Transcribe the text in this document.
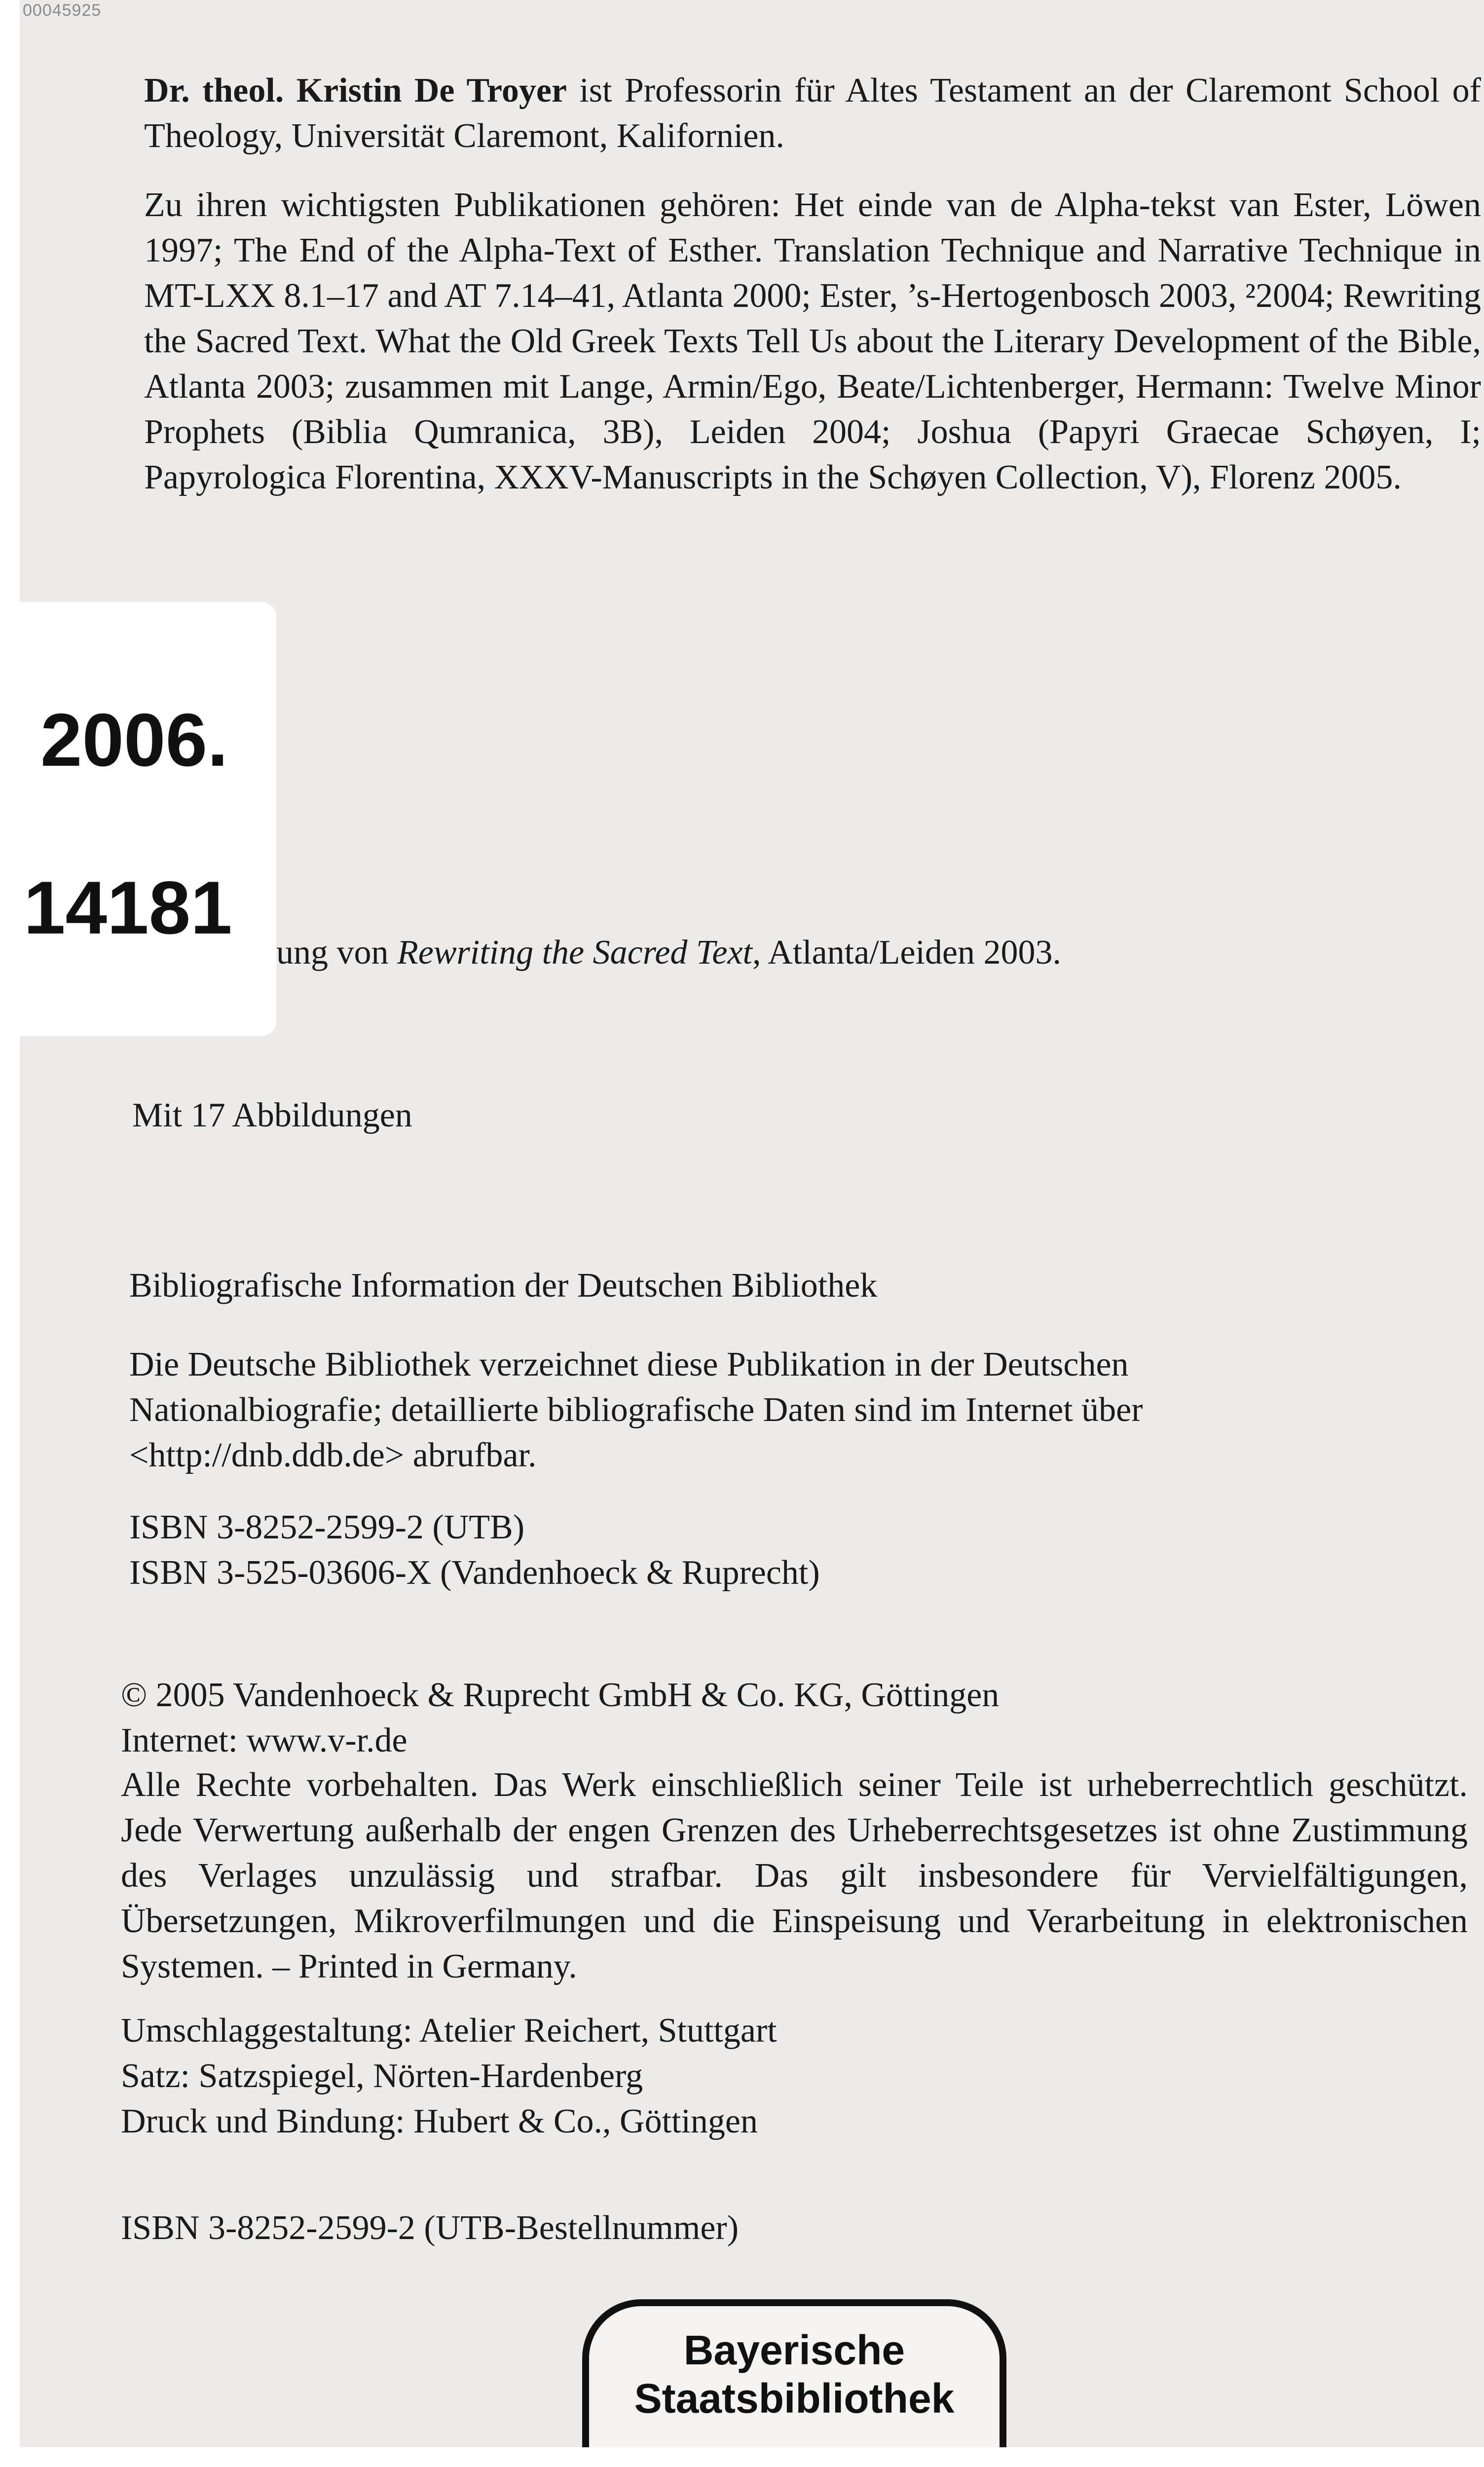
00045925

Dr. theol. Kristin De Troyer ist Professorin für Altes Testament an der Claremont School of Theology, Universität Claremont, Kalifornien.

Zu ihren wichtigsten Publikationen gehören: Het einde van de Alpha-tekst van Ester, Löwen 1997; The End of the Alpha-Text of Esther. Translation Technique and Narrative Technique in MT-LXX 8.1–17 and AT 7.14–41, Atlanta 2000; Ester, ’s-Hertogenbosch 2003, ²2004; Rewriting the Sacred Text. What the Old Greek Texts Tell Us about the Literary Development of the Bible, Atlanta 2003; zusammen mit Lange, Armin/Ego, Beate/Lichtenberger, Hermann: Twelve Minor Prophets (Biblia Qumranica, 3B), Leiden 2004; Joshua (Papyri Graecae Schøyen, I; Papyrologica Florentina, XXXV-Manuscripts in the Schøyen Collection, V), Florenz 2005.

2006.

14181

ung von Rewriting the Sacred Text, Atlanta/Leiden 2003.

Mit 17 Abbildungen

Bibliografische Information der Deutschen Bibliothek

Die Deutsche Bibliothek verzeichnet diese Publikation in der Deutschen Nationalbiografie; detaillierte bibliografische Daten sind im Internet über <http://dnb.ddb.de> abrufbar.

ISBN 3-8252-2599-2 (UTB)

ISBN 3-525-03606-X (Vandenhoeck & Ruprecht)

© 2005 Vandenhoeck & Ruprecht GmbH & Co. KG, Göttingen

Internet: www.v-r.de

Alle Rechte vorbehalten. Das Werk einschließlich seiner Teile ist urheberrechtlich geschützt. Jede Verwertung außerhalb der engen Grenzen des Urheberrechtsgesetzes ist ohne Zustimmung des Verlages unzulässig und strafbar. Das gilt insbesondere für Vervielfältigungen, Übersetzungen, Mikroverfilmungen und die Einspeisung und Verarbeitung in elektronischen Systemen. – Printed in Germany.

Umschlaggestaltung: Atelier Reichert, Stuttgart

Satz: Satzspiegel, Nörten-Hardenberg

Druck und Bindung: Hubert & Co., Göttingen

ISBN 3-8252-2599-2 (UTB-Bestellnummer)

Bayerische

Staatsbibliothek
